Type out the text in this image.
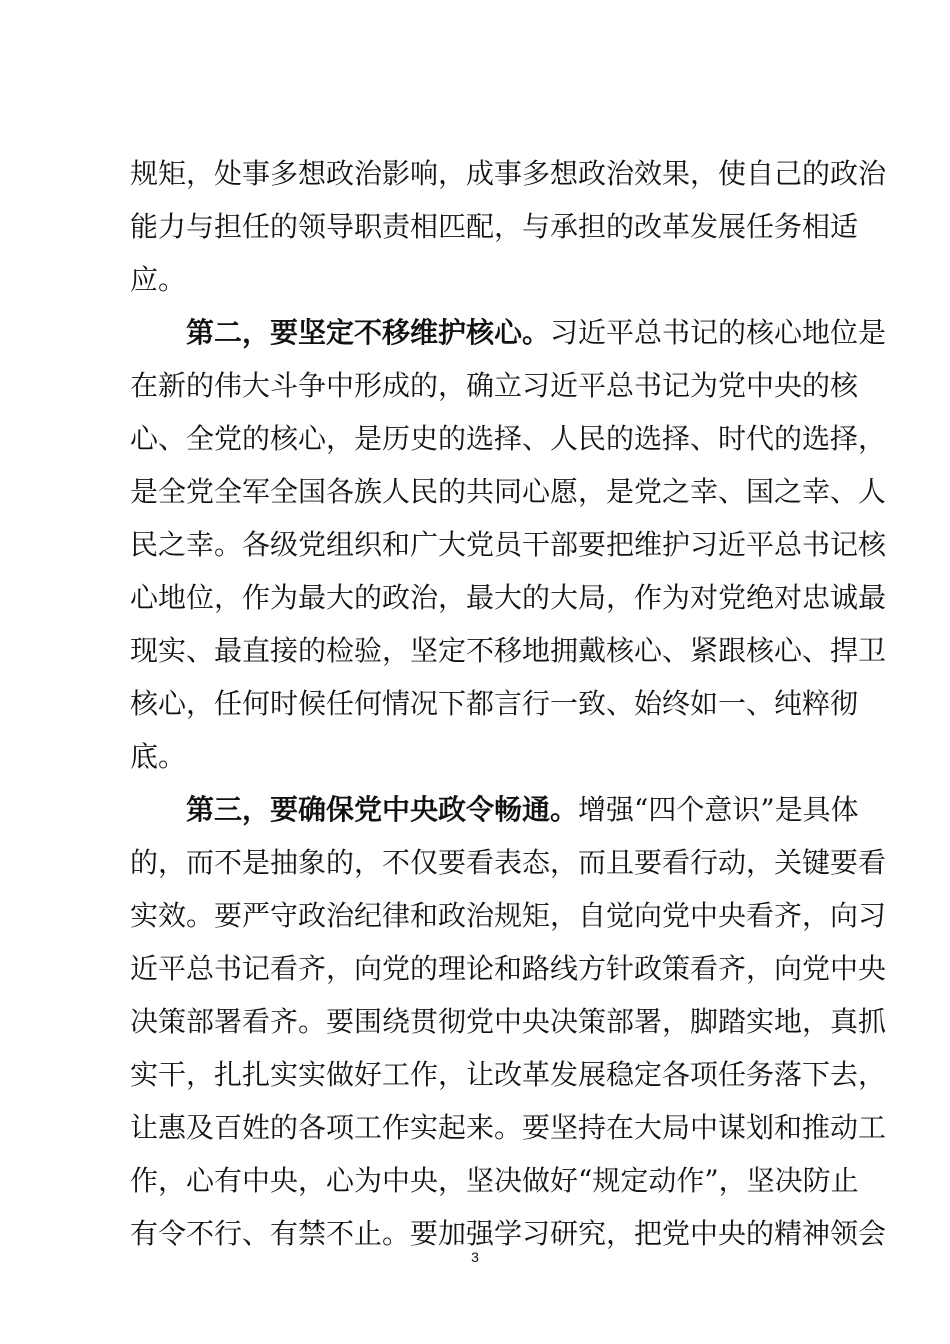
规矩，处事多想政治影响，成事多想政治效果，使自己的政治
能力与担任的领导职责相匹配，与承担的改革发展任务相适
应。
第二，要坚定不移维护核心。习近平总书记的核心地位是
在新的伟大斗争中形成的，确立习近平总书记为党中央的核
心、全党的核心，是历史的选择、人民的选择、时代的选择，
是全党全军全国各族人民的共同心愿，是党之幸、国之幸、人
民之幸。各级党组织和广大党员干部要把维护习近平总书记核
心地位，作为最大的政治，最大的大局，作为对党绝对忠诚最
现实、最直接的检验，坚定不移地拥戴核心、紧跟核心、捍卫
核心，任何时候任何情况下都言行一致、始终如一、纯粹彻
底。
第三，要确保党中央政令畅通。增强“四个意识”是具体
的，而不是抽象的，不仅要看表态，而且要看行动，关键要看
实效。要严守政治纪律和政治规矩，自觉向党中央看齐，向习
近平总书记看齐，向党的理论和路线方针政策看齐，向党中央
决策部署看齐。要围绕贯彻党中央决策部署，脚踏实地，真抓
实干，扎扎实实做好工作，让改革发展稳定各项任务落下去，
让惠及百姓的各项工作实起来。要坚持在大局中谋划和推动工
作，心有中央，心为中央，坚决做好“规定动作”，坚决防止
有令不行、有禁不止。要加强学习研究，把党中央的精神领会
3
